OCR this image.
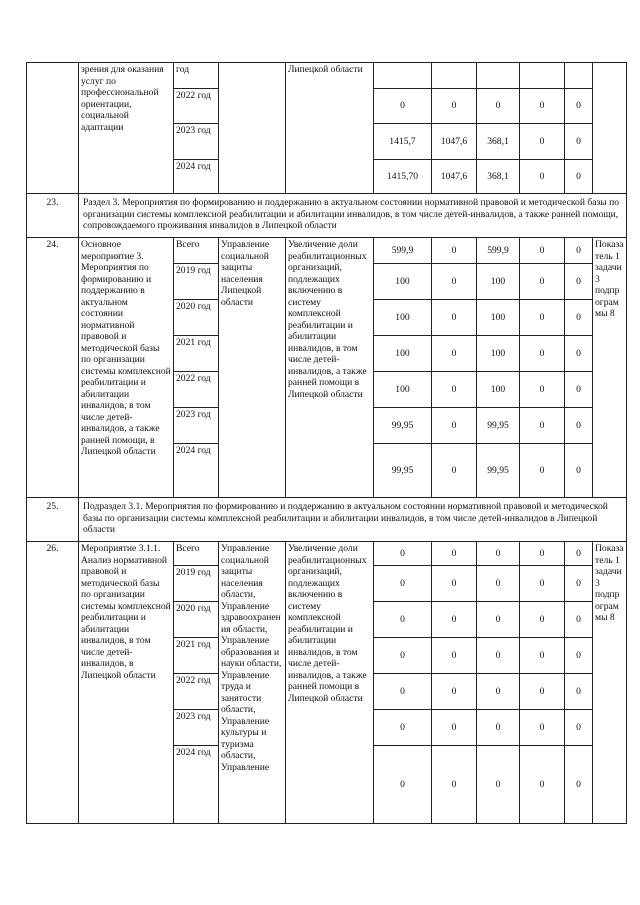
	зрения для оказания услуг по профессиональной ориентации, социальной адаптации	год		Липецкой области						
		2022 год			0	0	0	0	0	
		2023 год			1415,7	1047,6	368,1	0	0	
		2024 год			1415,70	1047,6	368,1	0	0	
23.	Раздел 3. Мероприятия по формированию и поддержанию в актуальном состоянии нормативной правовой и методической базы по организации системы комплексной реабилитации и абилитации инвалидов, в том числе детей-инвалидов, а также ранней помощи, сопровождаемого проживания инвалидов в Липецкой области									
24.	Основное мероприятие 3. Мероприятия по формированию и поддержанию в актуальном состоянии нормативной правовой и методической базы по организации системы комплексной реабилитации и абилитации инвалидов, в том числе детей-инвалидов, а также ранней помощи, в Липецкой области	Всего	Управление социальной защиты населения Липецкой области	Увеличение доли реабилитационных организаций, подлежащих включению в систему комплексной реабилитации и абилитации инвалидов, в том числе детей-инвалидов, а также ранней помощи в Липецкой области	599,9	0	599,9	0	0	Показатель 1 задачи 3 подпрограммы 8
		2019 год			100	0	100	0	0	
		2020 год			100	0	100	0	0	
		2021 год			100	0	100	0	0	
		2022 год			100	0	100	0	0	
		2023 год			99,95	0	99,95	0	0	
		2024 год			99,95	0	99,95	0	0	
25.	Подраздел 3.1. Мероприятия по формированию и поддержанию в актуальном состоянии нормативной правовой и методической базы по организации системы комплексной реабилитации и абилитации инвалидов, в том числе детей-инвалидов в Липецкой области									
26.	Мероприятие 3.1.1. Анализ нормативной правовой и методической базы по организации системы комплексной реабилитации и абилитации инвалидов, в том числе детей-инвалидов, в Липецкой области	Всего	Управление социальной защиты населения области, Управление здравоохранения области, Управление образования и науки области, Управление труда и занятости области, Управление культуры и туризма области, Управление	Увеличение доли реабилитационных организаций, подлежащих включению в систему комплексной реабилитации и абилитации инвалидов, в том числе детей-инвалидов, а также ранней помощи в Липецкой области	0	0	0	0	0	Показатель 1 задачи 3 подпрограммы 8
		2019 год			0	0	0	0	0	
		2020 год			0	0	0	0	0	
		2021 год			0	0	0	0	0	
		2022 год			0	0	0	0	0	
		2023 год			0	0	0	0	0	
		2024 год			0	0	0	0	0	
